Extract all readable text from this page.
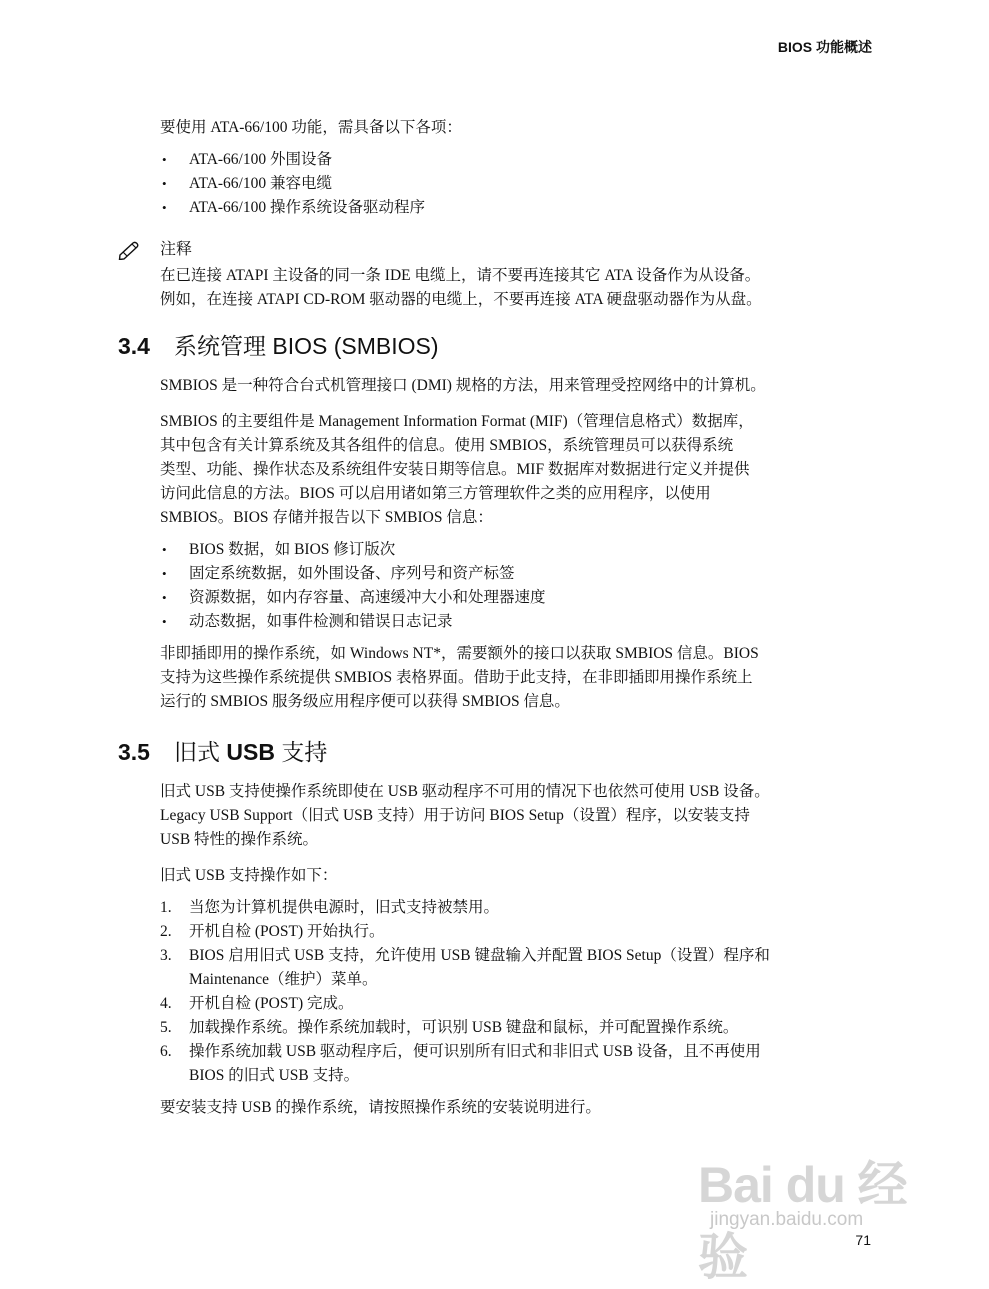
BIOS 功能概述

要使用 ATA-66/100 功能，需具备以下各项：

• ATA-66/100 外围设备
• ATA-66/100 兼容电缆
• ATA-66/100 操作系统设备驱动程序
注释

在已连接 ATAPI 主设备的同一条 IDE 电缆上，请不要再连接其它 ATA 设备作为从设备。

例如，在连接 ATAPI CD-ROM 驱动器的电缆上，不要再连接 ATA 硬盘驱动器作为从盘。

3.4 系统管理 BIOS (SMBIOS)

SMBIOS 是一种符合台式机管理接口 (DMI) 规格的方法，用来管理受控网络中的计算机。

SMBIOS 的主要组件是 Management Information Format (MIF)（管理信息格式）数据库，

其中包含有关计算系统及其各组件的信息。使用 SMBIOS，系统管理员可以获得系统

类型、功能、操作状态及系统组件安装日期等信息。MIF 数据库对数据进行定义并提供

访问此信息的方法。BIOS 可以启用诸如第三方管理软件之类的应用程序，以使用

SMBIOS。BIOS 存储并报告以下 SMBIOS 信息：

• BIOS 数据，如 BIOS 修订版次
• 固定系统数据，如外围设备、序列号和资产标签
• 资源数据，如内存容量、高速缓冲大小和处理器速度
• 动态数据，如事件检测和错误日志记录

非即插即用的操作系统，如 Windows NT*，需要额外的接口以获取 SMBIOS 信息。BIOS

支持为这些操作系统提供 SMBIOS 表格界面。借助于此支持，在非即插即用操作系统上

运行的 SMBIOS 服务级应用程序便可以获得 SMBIOS 信息。

3.5 旧式 USB 支持

旧式 USB 支持使操作系统即使在 USB 驱动程序不可用的情况下也依然可使用 USB 设备。

Legacy USB Support（旧式 USB 支持）用于访问 BIOS Setup（设置）程序，以安装支持

USB 特性的操作系统。

旧式 USB 支持操作如下：

1. 当您为计算机提供电源时，旧式支持被禁用。
2. 开机自检 (POST) 开始执行。
3. BIOS 启用旧式 USB 支持，允许使用 USB 键盘输入并配置 BIOS Setup（设置）程序和
Maintenance（维护）菜单。
4. 开机自检 (POST) 完成。
5. 加载操作系统。操作系统加载时，可识别 USB 键盘和鼠标，并可配置操作系统。
6. 操作系统加载 USB 驱动程序后，便可识别所有旧式和非旧式 USB 设备，且不再使用
BIOS 的旧式 USB 支持。

要安装支持 USB 的操作系统，请按照操作系统的安装说明进行。

Bai du 经验
jingyan.baidu.com
71
